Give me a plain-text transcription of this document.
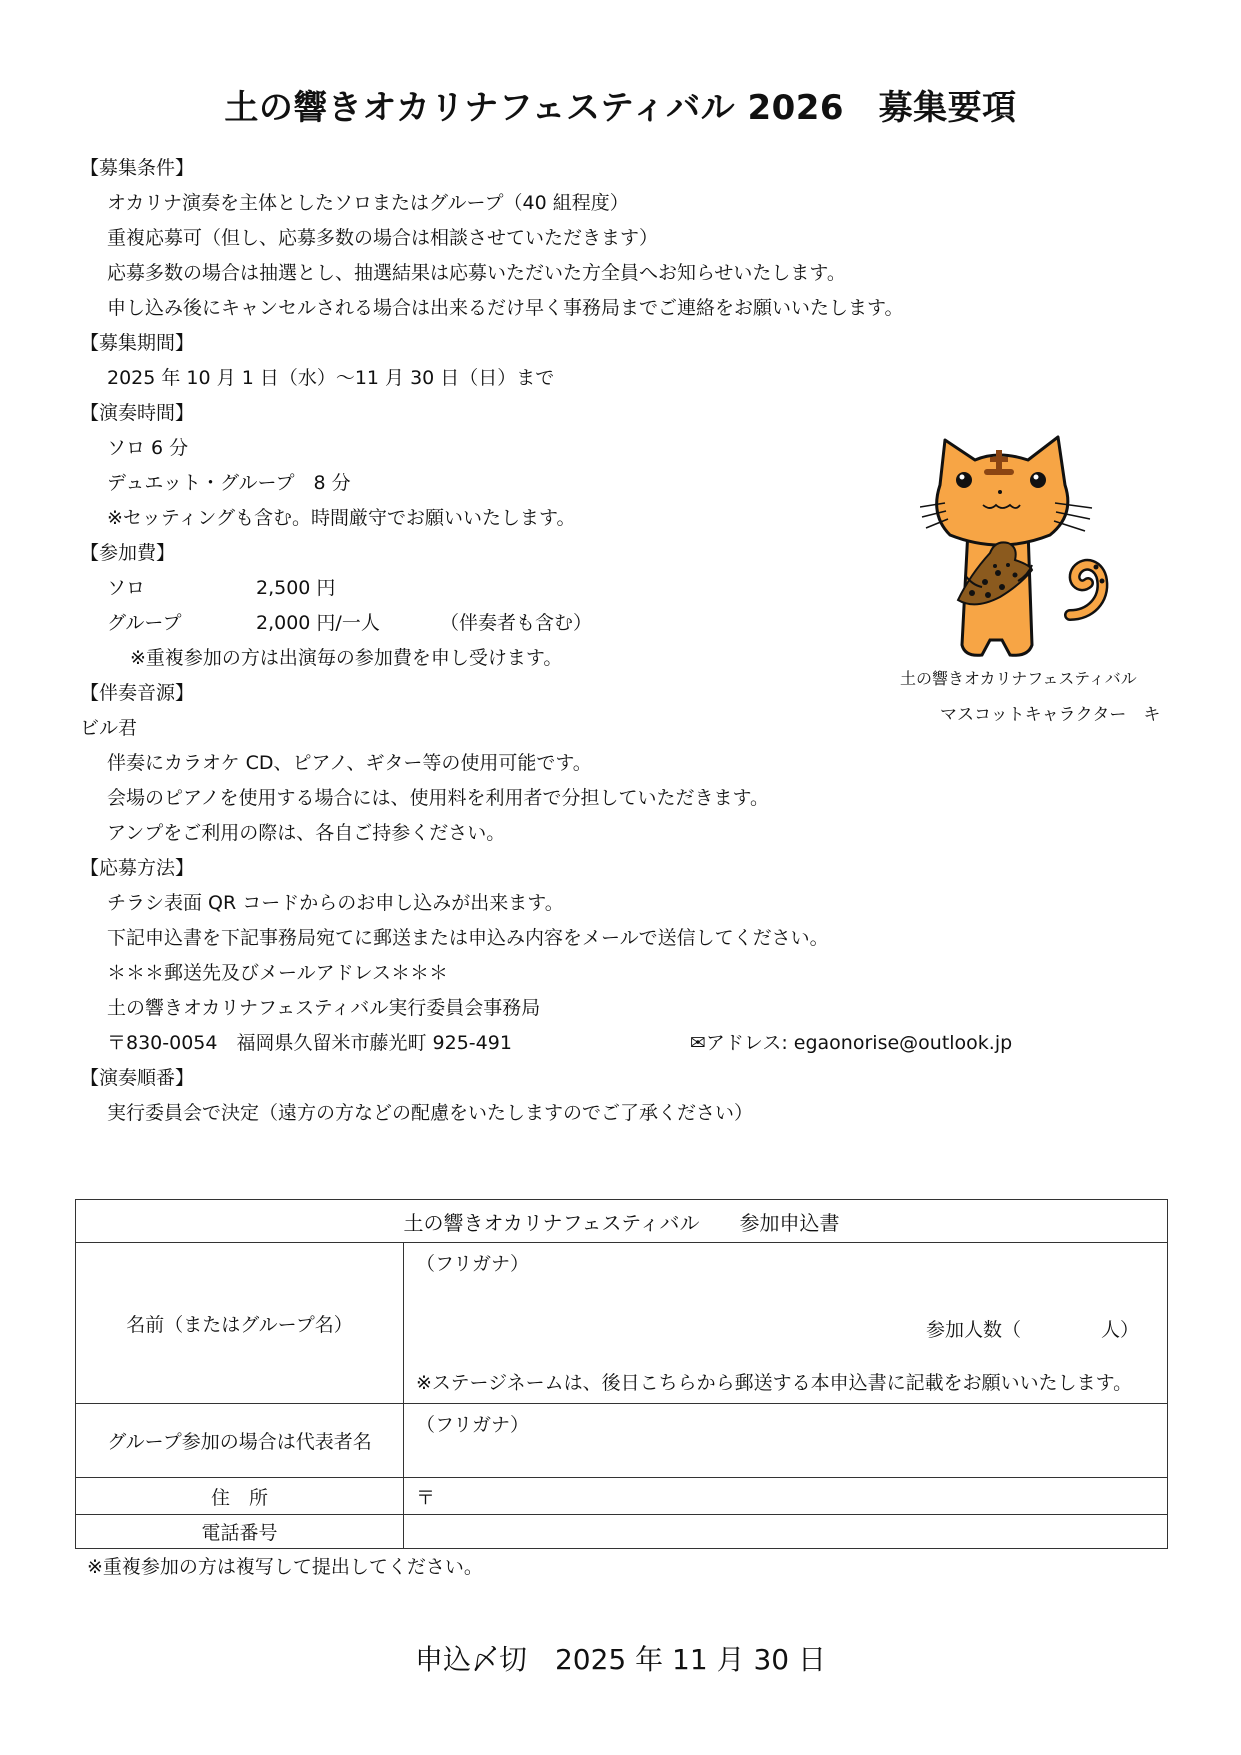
土の響きオカリナフェスティバル 2026　募集要項
【募集条件】
オカリナ演奏を主体としたソロまたはグループ（40 組程度）
重複応募可（但し、応募多数の場合は相談させていただきます）
応募多数の場合は抽選とし、抽選結果は応募いただいた方全員へお知らせいたします。
申し込み後にキャンセルされる場合は出来るだけ早く事務局までご連絡をお願いいたします。
【募集期間】
2025 年 10 月 1 日（水）～11 月 30 日（日）まで
【演奏時間】
ソロ 6 分
デュエット・グループ　8 分
※セッティングも含む。時間厳守でお願いいたします。
【参加費】
ソロ	2,500 円
グループ	2,000 円/一人	（伴奏者も含む）
※重複参加の方は出演毎の参加費を申し受けます。
【伴奏音源】
ビル君
伴奏にカラオケ CD、ピアノ、ギター等の使用可能です。
会場のピアノを使用する場合には、使用料を利用者で分担していただきます。
アンプをご利用の際は、各自ご持参ください。
【応募方法】
チラシ表面 QR コードからのお申し込みが出来ます。
下記申込書を下記事務局宛てに郵送または申込み内容をメールで送信してください。
＊＊＊郵送先及びメールアドレス＊＊＊
土の響きオカリナフェスティバル実行委員会事務局
〒830-0054　福岡県久留米市藤光町 925-491	✉アドレス: egaonorise@outlook.jp
【演奏順番】
実行委員会で決定（遠方の方などの配慮をいたしますのでご了承ください）
土の響きオカリナフェスティバル
マスコットキャラクター　キ
土の響きオカリナフェスティバル　　参加申込書	
名前（またはグループ名）	（フリガナ）
参加人数（ 人）
※ステージネームは、後日こちらから郵送する本申込書に記載をお願いいたします。

グループ参加の場合は代表者名	（フリガナ）

住　所	〒
電話番号	
※重複参加の方は複写して提出してください。
申込〆切　2025 年 11 月 30 日
